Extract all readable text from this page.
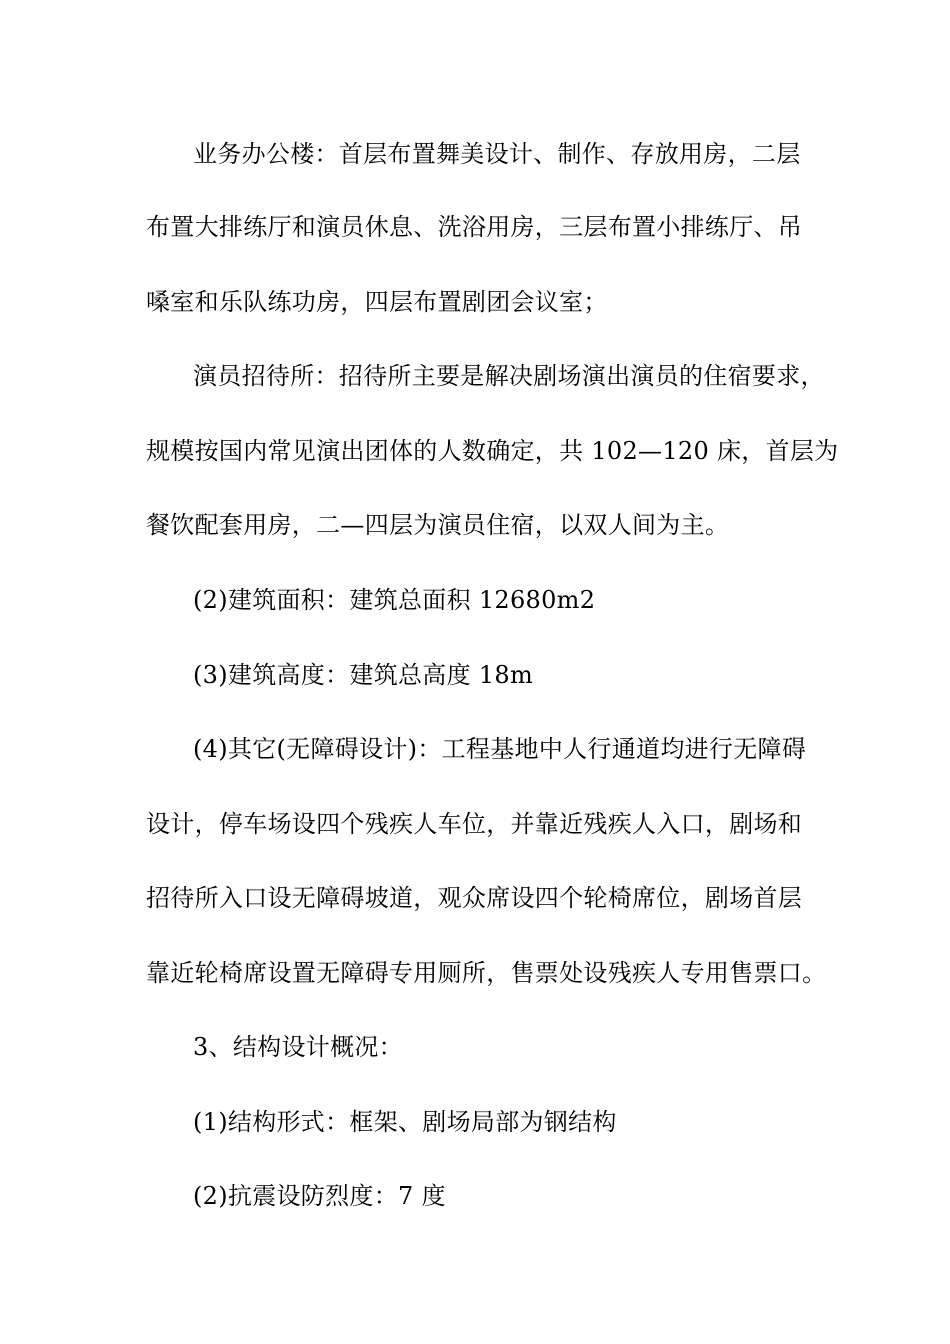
业务办公楼：首层布置舞美设计、制作、存放用房，二层
布置大排练厅和演员休息、洗浴用房，三层布置小排练厅、吊
嗓室和乐队练功房，四层布置剧团会议室；
演员招待所：招待所主要是解决剧场演出演员的住宿要求，
规模按国内常见演出团体的人数确定，共 102—120 床，首层为
餐饮配套用房，二—四层为演员住宿，以双人间为主。
(2)建筑面积：建筑总面积 12680m2
(3)建筑高度：建筑总高度 18m
(4)其它(无障碍设计)：工程基地中人行通道均进行无障碍
设计，停车场设四个残疾人车位，并靠近残疾人入口，剧场和
招待所入口设无障碍坡道，观众席设四个轮椅席位，剧场首层
靠近轮椅席设置无障碍专用厕所，售票处设残疾人专用售票口。
3、结构设计概况：
(1)结构形式：框架、剧场局部为钢结构
(2)抗震设防烈度：7 度
